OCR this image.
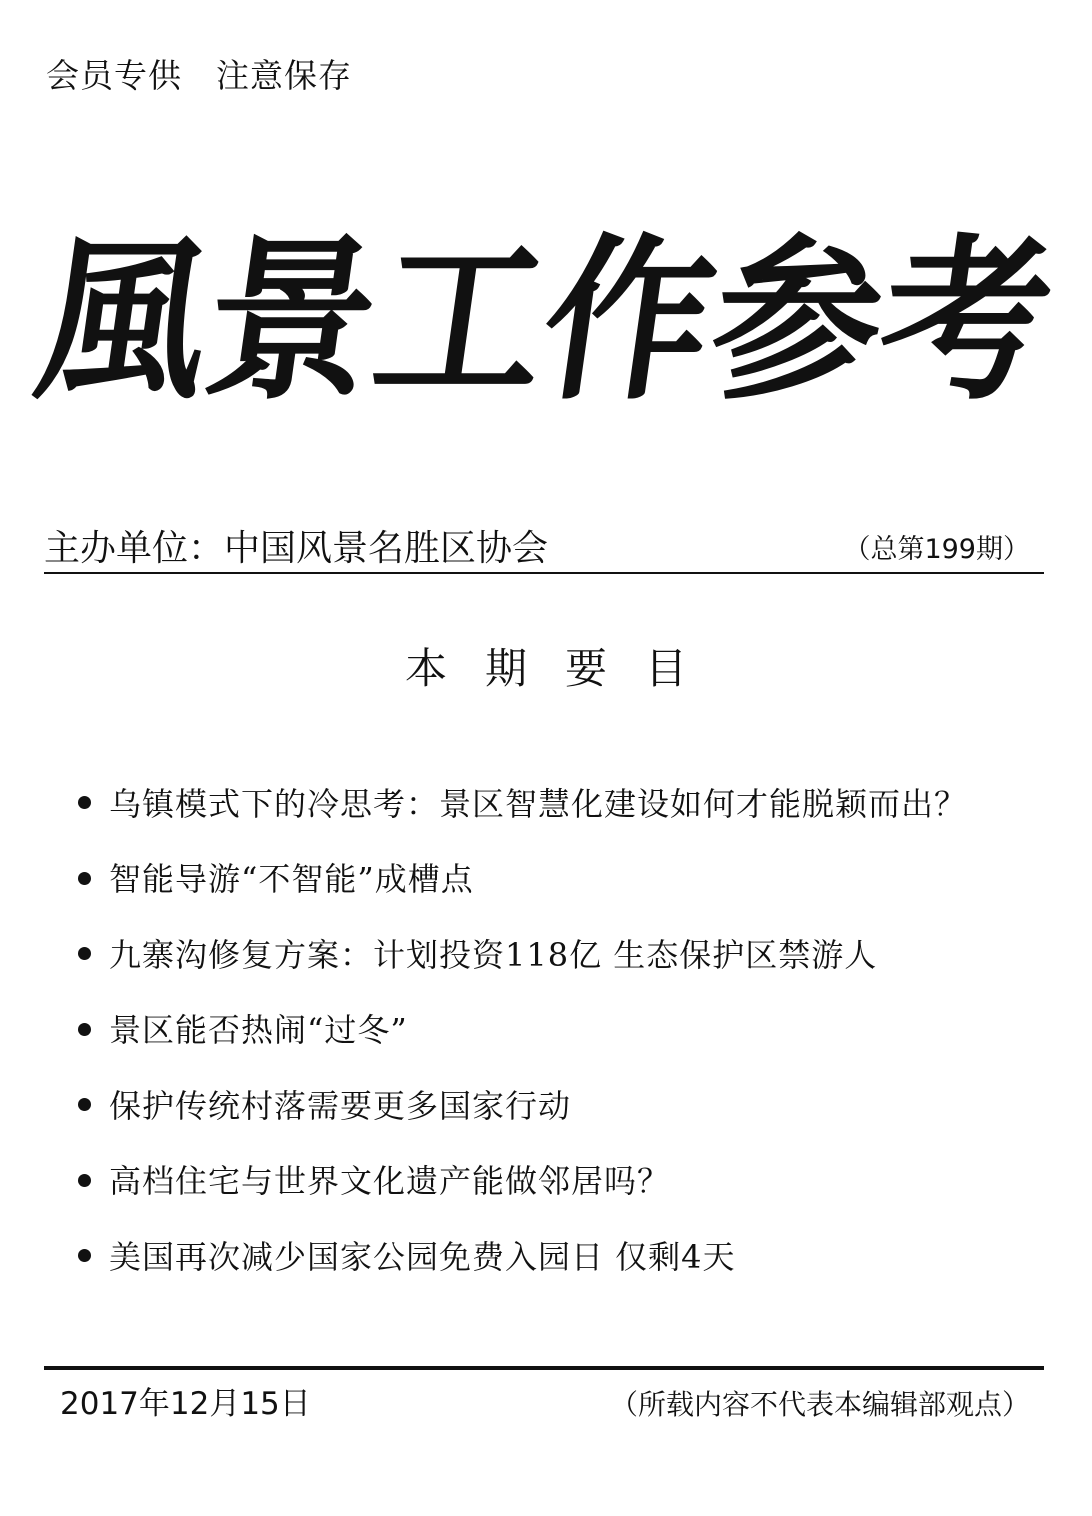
会员专供　注意保存
風
景
工
作
参
考
主办单位：中国风景名胜区协会	（总第199期）
本期要目
乌镇模式下的冷思考：景区智慧化建设如何才能脱颖而出？
智能导游“不智能”成槽点
九寨沟修复方案：计划投资118亿 生态保护区禁游人
景区能否热闹“过冬”
保护传统村落需要更多国家行动
高档住宅与世界文化遗产能做邻居吗？
美国再次减少国家公园免费入园日 仅剩4天
2017年12月15日	（所载内容不代表本编辑部观点）
